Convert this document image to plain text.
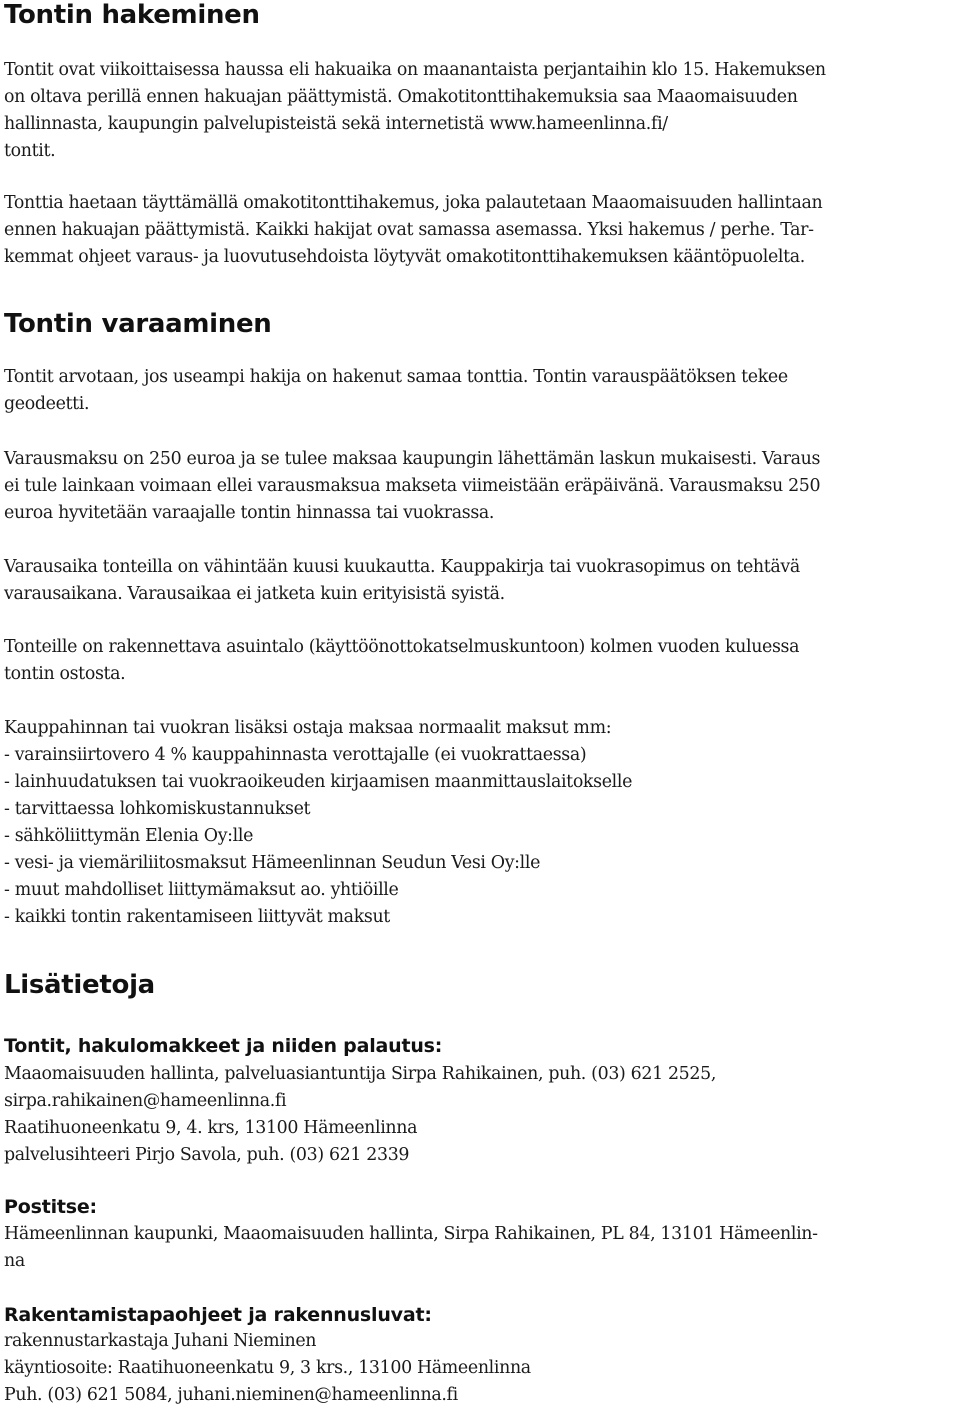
Tontin hakeminen
Tontit ovat viikoittaisessa haussa eli hakuaika on maanantaista perjantaihin klo 15. Hakemuksen
on oltava perillä ennen hakuajan päättymistä. Omakotitonttihakemuksia saa Maaomaisuuden
hallinnasta, kaupungin palvelupisteistä sekä internetistä www.hameenlinna.fi/
tontit.
Tonttia haetaan täyttämällä omakotitonttihakemus, joka palautetaan Maaomaisuuden hallintaan
ennen hakuajan päättymistä. Kaikki hakijat ovat samassa asemassa. Yksi hakemus / perhe. Tar-
kemmat ohjeet varaus- ja luovutusehdoista löytyvät omakotitonttihakemuksen kääntöpuolelta.
Tontin varaaminen
Tontit arvotaan, jos useampi hakija on hakenut samaa tonttia. Tontin varauspäätöksen tekee
geodeetti.
Varausmaksu on 250 euroa ja se tulee maksaa kaupungin lähettämän laskun mukaisesti. Varaus
ei tule lainkaan voimaan ellei varausmaksua makseta viimeistään eräpäivänä. Varausmaksu 250
euroa hyvitetään varaajalle tontin hinnassa tai vuokrassa.
Varausaika tonteilla on vähintään kuusi kuukautta. Kauppakirja tai vuokrasopimus on tehtävä
varausaikana. Varausaikaa ei jatketa kuin erityisistä syistä.
Tonteille on rakennettava asuintalo (käyttöönottokatselmuskuntoon) kolmen vuoden kuluessa
tontin ostosta.
Kauppahinnan tai vuokran lisäksi ostaja maksaa normaalit maksut mm:
- varainsiirtovero 4 % kauppahinnasta verottajalle (ei vuokrattaessa)
- lainhuudatuksen tai vuokraoikeuden kirjaamisen maanmittauslaitokselle
- tarvittaessa lohkomiskustannukset
- sähköliittymän Elenia Oy:lle
- vesi- ja viemäriliitosmaksut Hämeenlinnan Seudun Vesi Oy:lle
- muut mahdolliset liittymämaksut ao. yhtiöille
- kaikki tontin rakentamiseen liittyvät maksut
Lisätietoja
Tontit, hakulomakkeet ja niiden palautus:
Maaomaisuuden hallinta, palveluasiantuntija Sirpa Rahikainen, puh. (03) 621 2525,
sirpa.rahikainen@hameenlinna.fi
Raatihuoneenkatu 9, 4. krs, 13100 Hämeenlinna
palvelusihteeri Pirjo Savola, puh. (03) 621 2339
Postitse:
Hämeenlinnan kaupunki, Maaomaisuuden hallinta, Sirpa Rahikainen, PL 84, 13101 Hämeenlin-
na
Rakentamistapaohjeet ja rakennusluvat:
rakennustarkastaja Juhani Nieminen
käyntiosoite: Raatihuoneenkatu 9, 3 krs., 13100 Hämeenlinna
Puh. (03) 621 5084, juhani.nieminen@hameenlinna.fi
